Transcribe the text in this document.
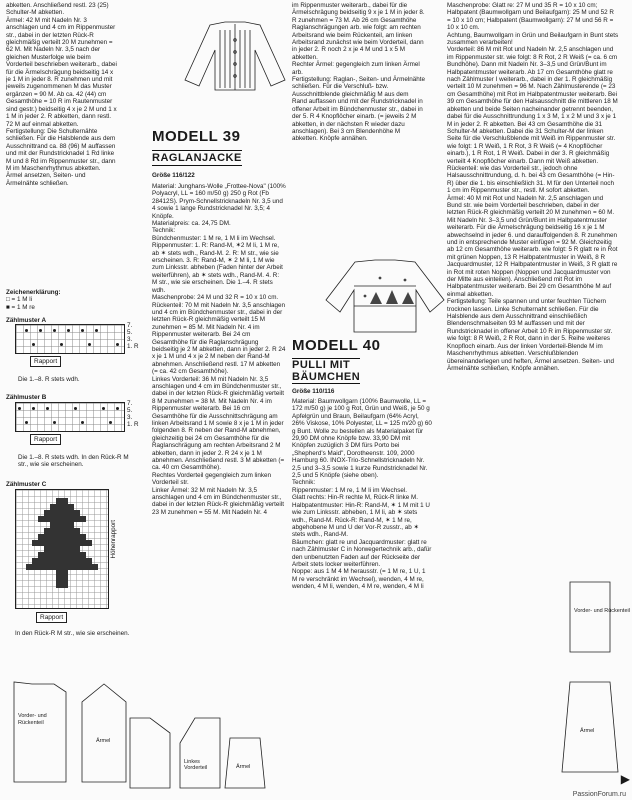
abketten. Anschließend restl. 23 (25) Schulter-M abketten.
Ärmel: 42 M mit Nadeln Nr. 3 anschlagen und 4 cm im Rippenmuster str., dabei in der letzten Rück-R gleichmäßig verteilt 20 M zunehmen = 62 M. Mit Nadeln Nr. 3,5 nach der gleichen Musterfolge wie beim Vorderteil beschrieben weiterarb., dabei für die Ärmelschrägung beidseitig 14 x je 1 M in jeder 8. R zunehmen und mit jeweils zugenommenen M das Muster ergänzen = 90 M. Ab ca. 42 (44) cm Gesamthöhe = 10 R im Rautenmuster sind gestr.) beidseitig 4 x je 2 M und 1 x 1 M in jeder 2. R abketten, dann restl. 72 M auf einmal abketten.
Fertigstellung: Die Schulternähte schließen. Für die Halsblende aus dem Ausschnittrand ca. 88 (96) M auffassen und mit der Rundstricknadel 1 Rd linke M und 8 Rd im Rippenmuster str., dann M im Maschenrhythmus abketten. Ärmel ansetzen, Seiten- und Ärmelnähte schließen.
Zeichenerklärung:
□ = 1 M li
■ = 1 M re
Zählmuster A
7.
5.
3.
1. R
Rapport
Die 1.–8. R stets wdh.
Zählmuster B
7.
5.
3.
1. R
Rapport
Die 1.–8. R stets wdh. In den Rück-R M str., wie sie erscheinen.
Zählmuster C
Höhenrapport
Rapport
In den Rück-R M str., wie sie erscheinen.
Vorder- und
Rückenteil
Ärmel
MODELL 39
RAGLANJACKE
Größe 116/122
Material: Junghans-Wolle „Frottee-Nova" (100% Polyacryl, LL = 160 m/50 g) 250 g Rot (Fb 28412S). Prym-Schnellstricknadeln Nr. 3,5 und 4 sowie 1 lange Rundstricknadel Nr. 3,5; 4 Knöpfe.
Materialpreis: ca. 24,75 DM.
Technik:
Bündchenmuster: 1 M re, 1 M li im Wechsel.
Rippenmuster: 1. R: Rand-M, ✶2 M li, 1 M re, ab ✶ stets wdh., Rand-M. 2. R: M str., wie sie erscheinen. 3. R: Rand-M, ✶ 2 M li, 1 M wie zum Linksstr. abheben (Faden hinter der Arbeit weiterführen), ab ✶ stets wdh., Rand-M. 4. R: M str., wie sie erscheinen. Die 1.–4. R stets wdh.
Maschenprobe: 24 M und 32 R = 10 x 10 cm.
Rückenteil: 70 M mit Nadeln Nr. 3,5 anschlagen und 4 cm im Bündchenmuster str., dabei in der letzten Rück-R gleichmäßig verteilt 15 M zunehmen = 85 M. Mit Nadeln Nr. 4 im Rippenmuster weiterarb. Bei 24 cm Gesamthöhe für die Raglanschrägung beidseitig je 2 M abketten, dann in jeder 2. R 24 x je 1 M und 4 x je 2 M neben der Rand-M abnehmen. Anschließend restl. 17 M abketten (= ca. 42 cm Gesamthöhe).
Linkes Vorderteil: 36 M mit Nadeln Nr. 3,5 anschlagen und 4 cm im Bündchenmuster str., dabei in der letzten Rück-R gleichmäßig verteilt 8 M zunehmen = 38 M. Mit Nadeln Nr. 4 im Rippenmuster weiterarb. Bei 16 cm Gesamthöhe für die Ausschnittschrägung am linken Arbeitsrand 1 M sowie 8 x je 1 M in jeder folgenden 8. R neben der Rand-M abnehmen, gleichzeitig bei 24 cm Gesamthöhe für die Raglanschrägung am rechten Arbeitsrand 2 M abketten, dann in jeder 2. R 24 x je 1 M abnehmen. Anschließend restl. 3 M abketten (= ca. 40 cm Gesamthöhe).
Rechtes Vorderteil gegengleich zum linken Vorderteil str.
Linker Ärmel: 32 M mit Nadeln Nr. 3,5 anschlagen und 4 cm im Bündchenmuster str., dabei in der letzten Rück-R gleichmäßig verteilt 23 M zunehmen = 55 M. Mit Nadeln Nr. 4
Linkes
Vorderteil	Ärmel
im Rippenmuster weiterarb., dabei für die Ärmelschrägung beidseitig 9 x je 1 M in jeder 8. R zunehmen = 73 M. Ab 26 cm Gesamthöhe Raglanschrägungen arb. wie folgt: am rechten Arbeitsrand wie beim Rückenteil, am linken Arbeitsrand zunächst wie beim Vorderteil, dann in jeder 2. R noch 2 x je 4 M und 1 x 5 M abketten.
Rechter Ärmel: gegengleich zum linken Ärmel arb.
Fertigstellung: Raglan-, Seiten- und Ärmelnähte schließen. Für die Verschluß- bzw. Ausschnittblende gleichmäßig M aus dem Rand auffassen und mit der Rundstricknadel in offener Arbeit im Bündchenmuster str., dabei in der 5. R 4 Knopflöcher einarb. (= jeweils 2 M abketten, in der nächsten R wieder dazu anschlagen). Bei 3 cm Blendenhöhe M abketten. Knöpfe annähen.
MODELL 40
PULLI MIT
BÄUMCHEN
Größe 110/116
Material: Baumwollgarn (100% Baumwolle, LL = 172 m/50 g) je 100 g Rot, Grün und Weiß, je 50 g Apfelgrün und Braun, Beilaufgarn (64% Acryl, 26% Viskose, 10% Polyester, LL = 125 m/20 g) 60 g Bunt. Wolle zu bestellen als Materialpaket für 29,90 DM ohne Knöpfe bzw. 33,90 DM mit Knöpfen zuzüglich 3 DM fürs Porto bei „Shepherd's Maid", Dorotheenstr. 109, 2000 Hamburg 60. INOX-Trio-Schnellstricknadeln Nr. 2,5 und 3–3,5 sowie 1 kurze Rundstricknadel Nr. 2,5 und 5 Knöpfe (siehe oben).
Technik:
Rippenmuster: 1 M re, 1 M li im Wechsel.
Glatt rechts: Hin-R rechte M, Rück-R linke M.
Halbpatentmuster: Hin-R: Rand-M, ✶ 1 M mit 1 U wie zum Linksstr. abheben, 1 M li, ab ✶ stets wdh., Rand-M. Rück-R: Rand-M, ✶ 1 M re, abgehobene M und U der Vor-R zusstr., ab ✶ stets wdh., Rand-M.
Bäumchen: glatt re und Jacquardmuster: glatt re nach Zählmuster C in Norwegertechnik arb., dafür den unbenutzten Faden auf der Rückseite der Arbeit stets locker weiterführen.
Noppe: aus 1 M 4 M herausstr. (= 1 M re, 1 U, 1 M re verschränkt im Wechsel), wenden, 4 M re, wenden, 4 M li, wenden, 4 M re, wenden, 4 M li
Maschenprobe: Glatt re: 27 M und 35 R = 10 x 10 cm; Halbpatent (Baumwollgarn und Beilaufgarn): 25 M und 52 R = 10 x 10 cm; Halbpatent (Baumwollgarn): 27 M und 56 R = 10 x 10 cm.
Achtung, Baumwollgarn in Grün und Beilaufgarn in Bunt stets zusammen verarbeiten!
Vorderteil: 86 M mit Rot und Nadeln Nr. 2,5 anschlagen und im Rippenmuster str. wie folgt: 8 R Rot, 2 R Weiß (= ca. 6 cm Bundhöhe). Dann mit Nadeln Nr. 3–3,5 und Grün/Bunt im Halbpatentmuster weiterarb. Ab 17 cm Gesamthöhe glatt re nach Zählmuster I weiterarb., dabei in der 1. R gleichmäßig verteilt 10 M zunehmen = 96 M. Nach Zählmusterende (= 23 cm Gesamthöhe) mit Rot im Halbpatentmuster weiterarb. Bei 39 cm Gesamthöhe für den Halsausschnitt die mittleren 18 M abketten und beide Seiten nacheinander getrennt beenden, dabei für die Ausschnittrundung 1 x 3 M, 1 x 2 M und 3 x je 1 M in jeder 2. R abketten. Bei 43 cm Gesamthöhe die 31 Schulter-M abketten. Dabei die 31 Schulter-M der linken Seite für die Verschlußblende mit Weiß im Rippenmuster str. wie folgt: 1 R Weiß, 1 R Rot, 3 R Weiß (= 4 Knopflöcher einarb.), 1 R Rot, 1 R Weiß. Dabei in der 3. R gleichmäßig verteilt 4 Knopflöcher einarb. Dann mit Weiß abketten.
Rückenteil: wie das Vorderteil str., jedoch ohne Halsausschnittrundung, d. h. bei 43 cm Gesamthöhe (= Hin-R) über die 1. bis einschließlich 31. M für den Unterteil noch 1 cm im Rippenmuster str., restl. M sofort abketten.
Ärmel: 40 M mit Rot und Nadeln Nr. 2,5 anschlagen und Bund str. wie beim Vorderteil beschrieben, dabei in der letzten Rück-R gleichmäßig verteilt 20 M zunehmen = 60 M. Mit Nadeln Nr. 3–3,5 und Grün/Bunt im Halbpatentmuster weiterarb. Für die Ärmelschrägung beidseitig 16 x je 1 M abwechselnd in jeder 6. und darauffolgenden 8. R zunehmen und in entsprechende Muster einfügen = 92 M. Gleichzeitig ab 12 cm Gesamthöhe weiterarb. wie folgt: 5 R glatt re in Rot mit grünen Noppen, 13 R Halbpatentmuster in Weiß, 8 R Jacquardmuster, 12 R Halbpatentmuster in Weiß, 3 R glatt re in Rot mit roten Noppen (Noppen und Jacquardmuster von der Mitte aus einteilen). Anschließend mit Rot im Halbpatentmuster weiterarb. Bei 29 cm Gesamthöhe M auf einmal abketten.
Fertigstellung: Teile spannen und unter feuchten Tüchern trocknen lassen. Linke Schulternaht schließen. Für die Halsblende aus dem Ausschnittrand einschließlich Blendenschmalseiten 93 M auffassen und mit der Rundstricknadel in offener Arbeit 10 R im Rippenmuster str. wie folgt: 8 R Weiß, 2 R Rot, dann in der 5. Reihe weiteres Knopfloch einarb. Aus der linken Vorderteil-Blende M im Maschenrhythmus abketten. Verschlußblenden übereinanderlegen und heften, Ärmel ansetzen. Seiten- und Ärmelnähte schließen, Knöpfe annähen.
Vorder- und Rückenteil
Ärmel
▶
PassionForum.ru
